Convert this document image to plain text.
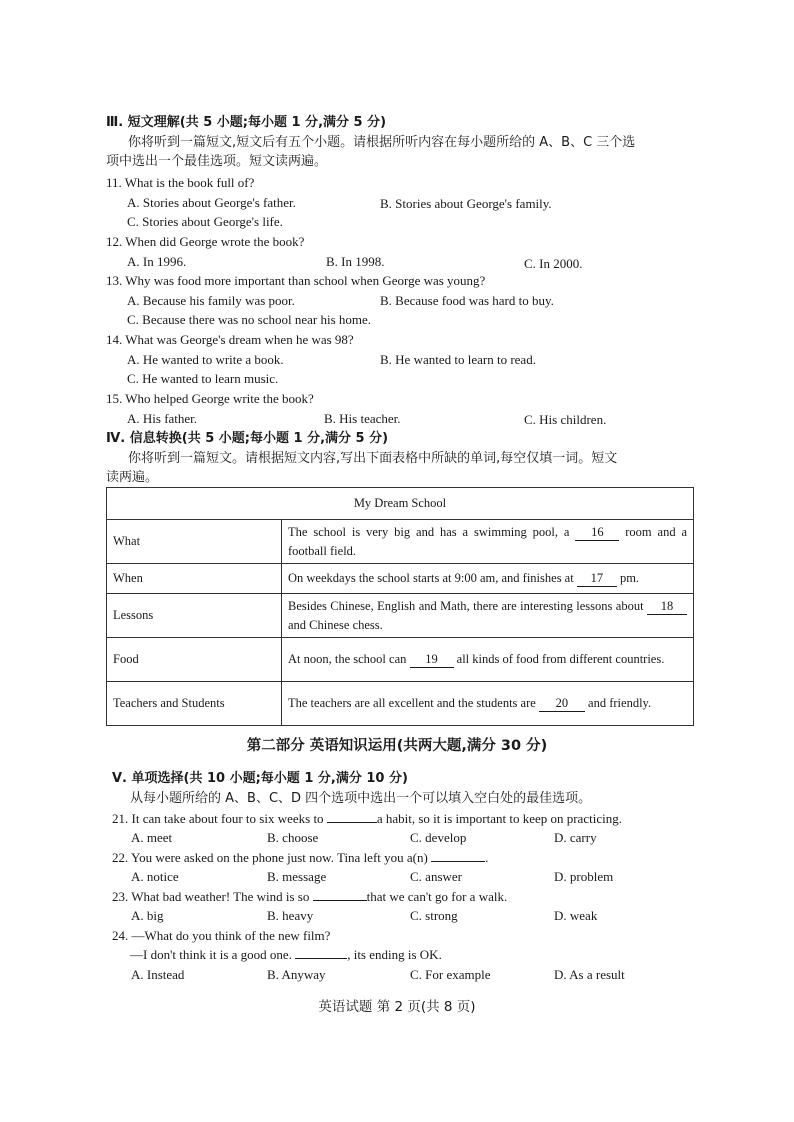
Ⅲ. 短文理解(共 5 小题;每小题 1 分,满分 5 分)
你将听到一篇短文,短文后有五个小题。请根据所听内容在每小题所给的 A、B、C 三个选
项中选出一个最佳选项。短文读两遍。
11. What is the book full of?
A. Stories about George's father.	B. Stories about George's family.
C. Stories about George's life.
12. When did George wrote the book?
A. In 1996.	B. In 1998.	C. In 2000.
13. Why was food more important than school when George was young?
A. Because his family was poor.	B. Because food was hard to buy.
C. Because there was no school near his home.
14. What was George's dream when he was 98?
A. He wanted to write a book.	B. He wanted to learn to read.
C. He wanted to learn music.
15. Who helped George write the book?
A. His father.	B. His teacher.	C. His children.
Ⅳ. 信息转换(共 5 小题;每小题 1 分,满分 5 分)
你将听到一篇短文。请根据短文内容,写出下面表格中所缺的单词,每空仅填一词。短文
读两遍。
My Dream School	
What	The school is very big and has a swimming pool, a 16 room and a football field.
When	On weekdays the school starts at 9:00 am, and finishes at 17 pm.
Lessons	Besides Chinese, English and Math, there are interesting lessons about 18 and Chinese chess.
Food	At noon, the school can 19 all kinds of food from different countries.
Teachers and Students	The teachers are all excellent and the students are 20 and friendly.
第二部分 英语知识运用(共两大题,满分 30 分)
Ⅴ. 单项选择(共 10 小题;每小题 1 分,满分 10 分)
从每小题所给的 A、B、C、D 四个选项中选出一个可以填入空白处的最佳选项。
21. It can take about four to six weeks to	a habit, so it is important to keep on practicing.
A. meet	B. choose	C. develop	D. carry
22. You were asked on the phone just now. Tina left you a(n)	.
A. notice	B. message	C. answer	D. problem
23. What bad weather! The wind is so	that we can't go for a walk.
A. big	B. heavy	C. strong	D. weak
24. —What do you think of the new film?
—I don't think it is a good one.	, its ending is OK.
A. Instead	B. Anyway	C. For example	D. As a result
英语试题 第 2 页(共 8 页)
